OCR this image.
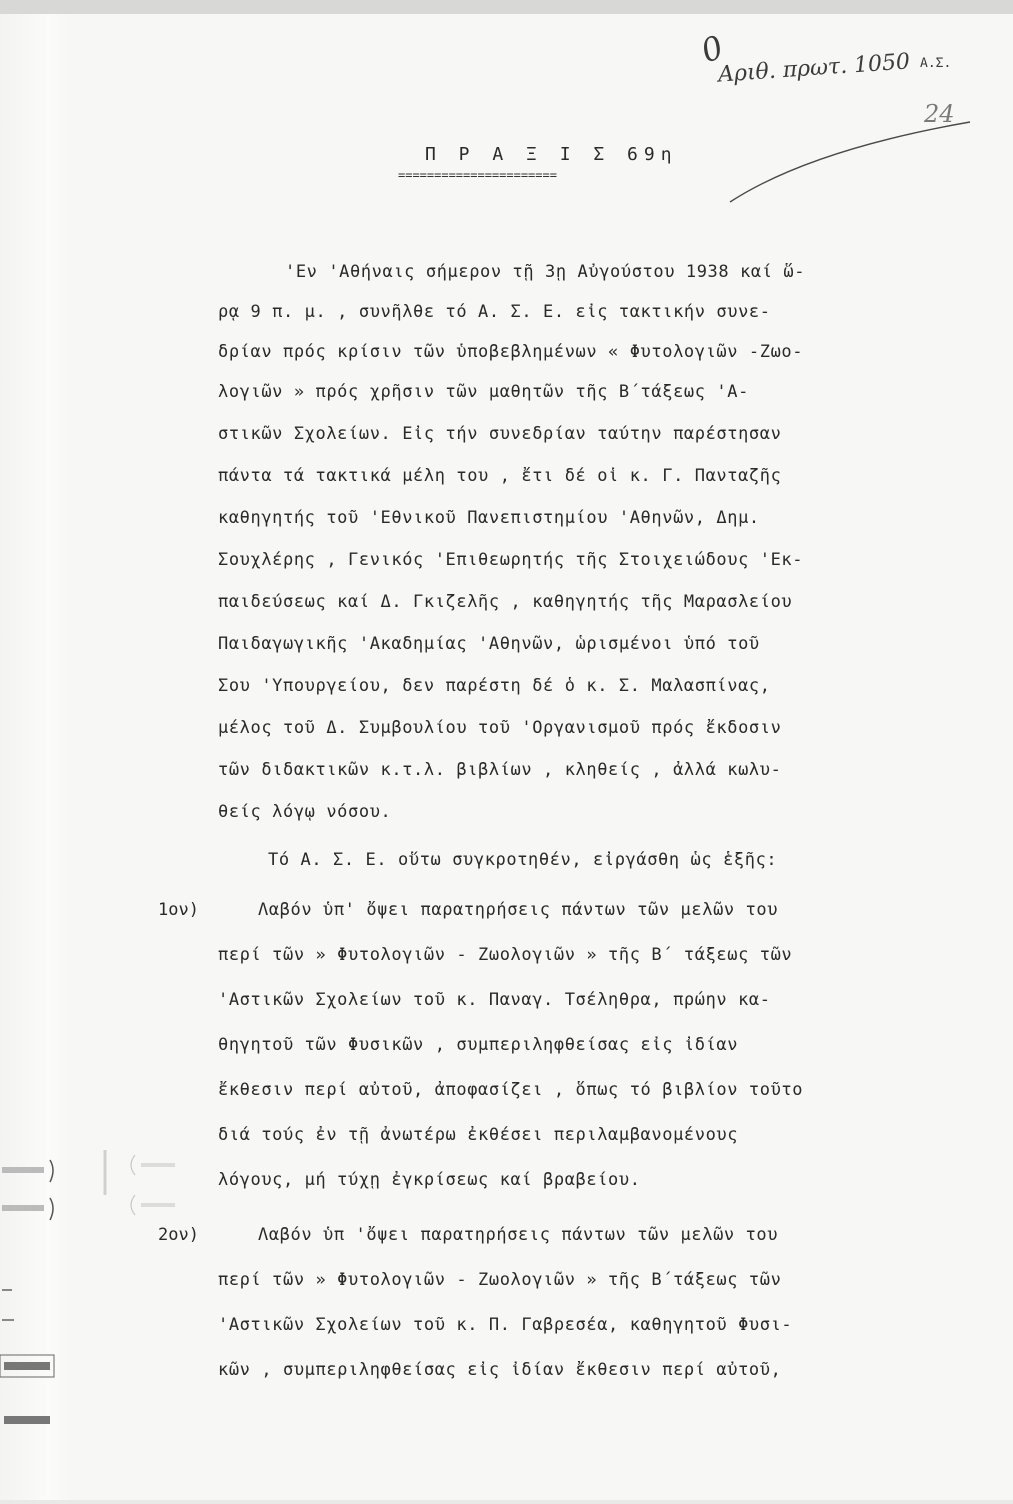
0
Αριθ. πρωτ. 1050 Α.Σ.
24
Π Ρ Α Ξ Ι Σ 69η
======================
'Εν 'Αθήναις σήμερον τῇ 3ῃ Αὐγούστου 1938 καί ὥ-
ρᾳ 9 π. μ. , συνῆλθε τό Α. Σ. Ε. εἰς τακτικήν συνε-
δρίαν πρός κρίσιν τῶν ὑποβεβλημένων « Φυτολογιῶν -Ζωο-
λογιῶν » πρός χρῆσιν τῶν μαθητῶν τῆς Β΄τάξεως 'Α-
στικῶν Σχολείων. Εἰς τήν συνεδρίαν ταύτην παρέστησαν
πάντα τά τακτικά μέλη του , ἔτι δέ οἱ κ. Γ. Πανταζῆς
καθηγητής τοῦ 'Εθνικοῦ Πανεπιστημίου 'Αθηνῶν, Δημ.
Σουχλέρης , Γενικός 'Επιθεωρητής τῆς Στοιχειώδους 'Εκ-
παιδεύσεως καί Δ. Γκιζελῆς , καθηγητής τῆς Μαρασλείου
Παιδαγωγικῆς 'Ακαδημίας 'Αθηνῶν, ὡρισμένοι ὑπό τοῦ
Σου 'Υπουργείου, δεν παρέστη δέ ὁ κ. Σ. Μαλασπίνας,
μέλος τοῦ Δ. Συμβουλίου τοῦ 'Οργανισμοῦ πρός ἔκδοσιν
τῶν διδακτικῶν κ.τ.λ. βιβλίων , κληθείς , ἀλλά κωλυ-
θείς λόγῳ νόσου.
Τό Α. Σ. Ε. οὕτω συγκροτηθέν, εἰργάσθη ὡς ἑξῆς:
1ον)	Λαβόν ὑπ' ὄψει παρατηρήσεις πάντων τῶν μελῶν του
περί τῶν » Φυτολογιῶν - Ζωολογιῶν » τῆς Β΄ τάξεως τῶν
'Αστικῶν Σχολείων τοῦ κ. Παναγ. Τσέληθρα, πρώην κα-
θηγητοῦ τῶν Φυσικῶν , συμπεριληφθείσας εἰς ἰδίαν
ἔκθεσιν περί αὐτοῦ, ἀποφασίζει , ὅπως τό βιβλίον τοῦτο
διά τούς ἐν τῇ ἀνωτέρω ἐκθέσει περιλαμβανομένους
λόγους, μή τύχῃ ἐγκρίσεως καί βραβείου.
2ον)	Λαβόν ὑπ 'ὄψει παρατηρήσεις πάντων τῶν μελῶν του
περί τῶν » Φυτολογιῶν - Ζωολογιῶν » τῆς Β΄τάξεως τῶν
'Αστικῶν Σχολείων τοῦ κ. Π. Γαβρεσέα, καθηγητοῦ Φυσι-
κῶν , συμπεριληφθείσας εἰς ἰδίαν ἔκθεσιν περί αὐτοῦ,
